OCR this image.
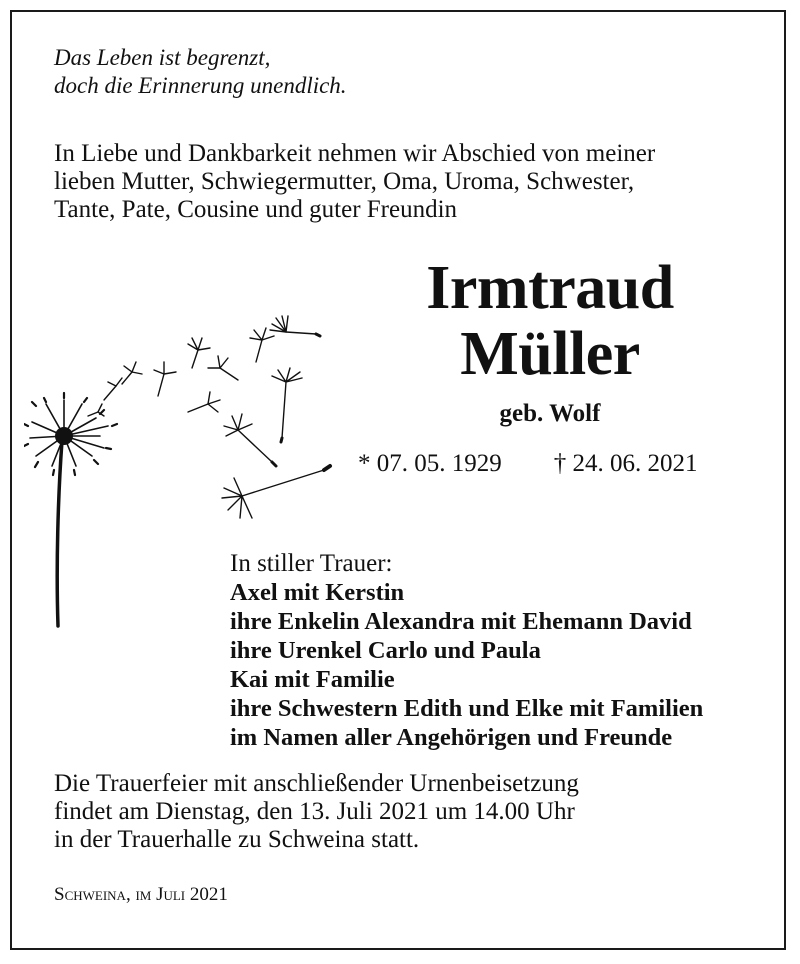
Das Leben ist begrenzt,
doch die Erinnerung unendlich.
In Liebe und Dankbarkeit nehmen wir Abschied von meiner
lieben Mutter, Schwiegermutter, Oma, Uroma, Schwester,
Tante, Pate, Cousine und guter Freundin
Irmtraud
Müller
geb. Wolf
* 07. 05. 1929 † 24. 06. 2021
In stiller Trauer:
Axel mit Kerstin
ihre Enkelin Alexandra mit Ehemann David
ihre Urenkel Carlo und Paula
Kai mit Familie
ihre Schwestern Edith und Elke mit Familien
im Namen aller Angehörigen und Freunde
Die Trauerfeier mit anschließender Urnenbeisetzung
findet am Dienstag, den 13. Juli 2021 um 14.00 Uhr
in der Trauerhalle zu Schweina statt.
Schweina, im Juli 2021
